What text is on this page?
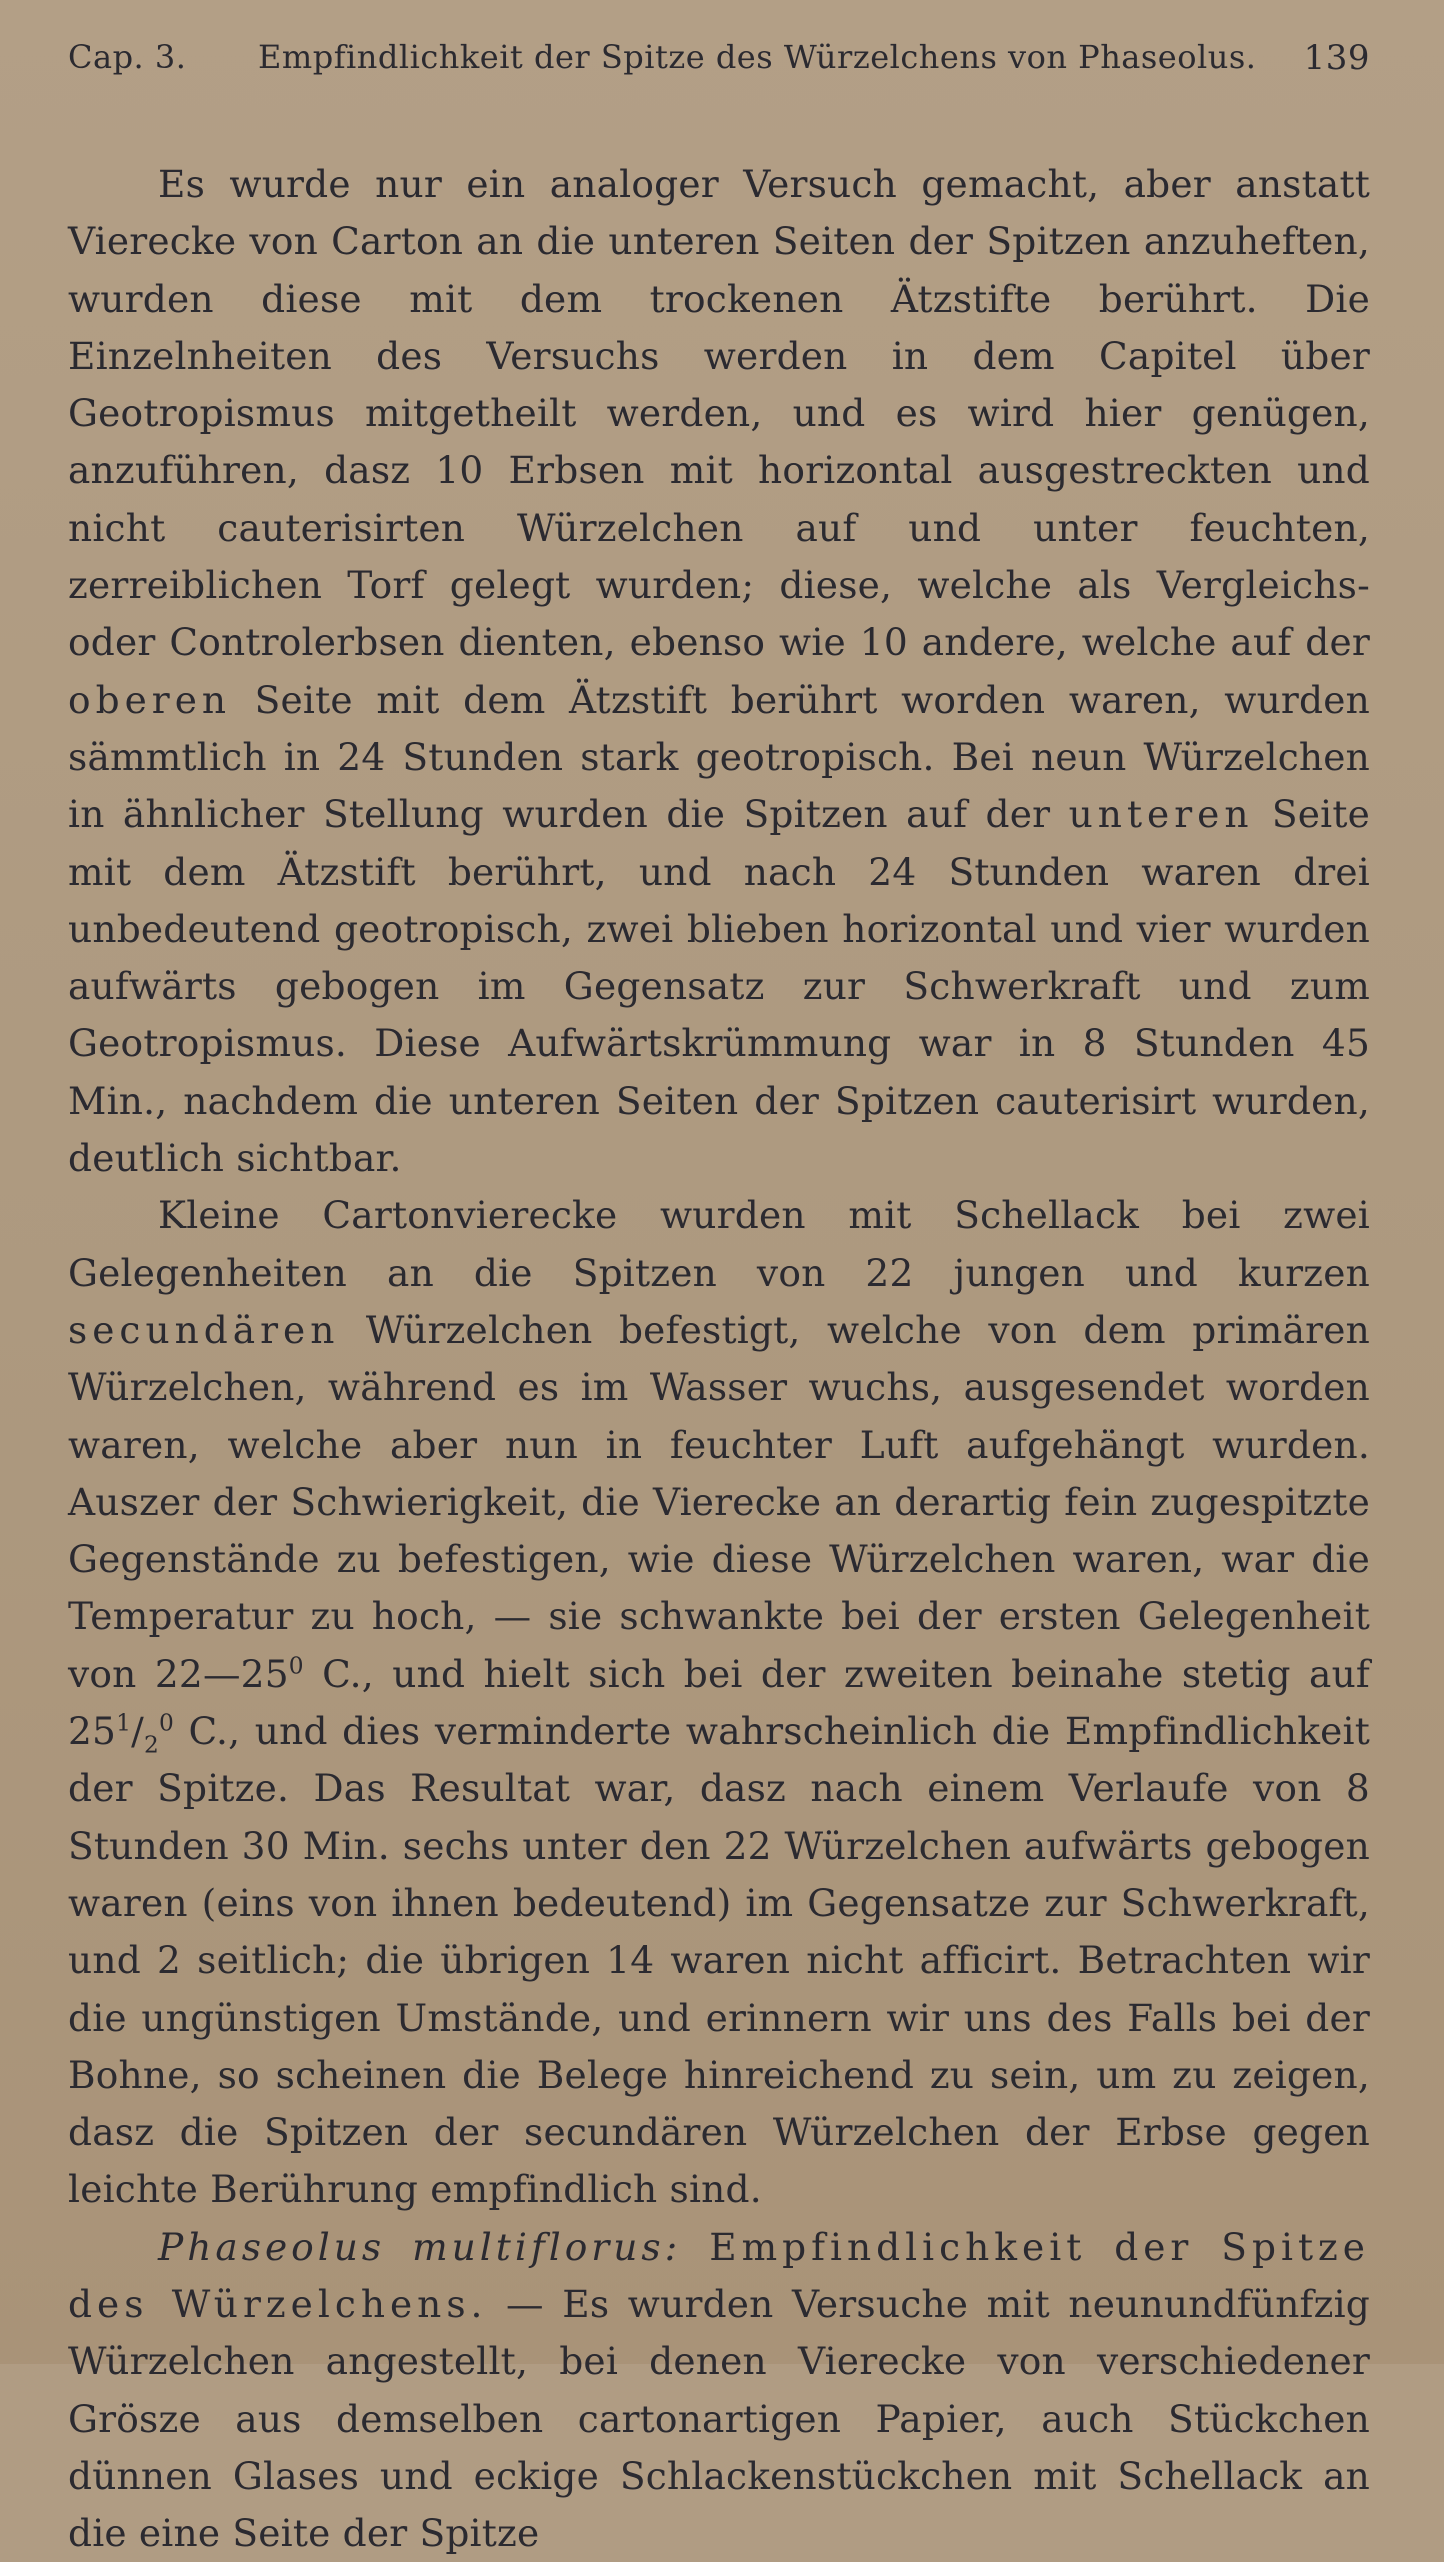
Cap. 3. Empfindlichkeit der Spitze des Würzelchens von Phaseolus. 139

Es wurde nur ein analoger Versuch gemacht, aber anstatt Vierecke von Carton an die unteren Seiten der Spitzen anzuheften, wurden diese mit dem trockenen Ätzstifte berührt. Die Einzelnheiten des Versuchs werden in dem Capitel über Geotropismus mitgetheilt werden, und es wird hier genügen, anzuführen, dasz 10 Erbsen mit horizontal ausgestreckten und nicht cauterisirten Würzelchen auf und unter feuchten, zerreiblichen Torf gelegt wurden; diese, welche als Vergleichs- oder Controlerbsen dienten, ebenso wie 10 andere, welche auf der oberen Seite mit dem Ätzstift berührt worden waren, wurden sämmtlich in 24 Stunden stark geotropisch. Bei neun Würzelchen in ähnlicher Stellung wurden die Spitzen auf der unteren Seite mit dem Ätzstift berührt, und nach 24 Stunden waren drei unbedeutend geotropisch, zwei blieben horizontal und vier wurden aufwärts gebogen im Gegensatz zur Schwerkraft und zum Geotropismus. Diese Aufwärtskrümmung war in 8 Stunden 45 Min., nachdem die unteren Seiten der Spitzen cauterisirt wurden, deutlich sichtbar.

Kleine Cartonvierecke wurden mit Schellack bei zwei Gelegenheiten an die Spitzen von 22 jungen und kurzen secundären Würzelchen befestigt, welche von dem primären Würzelchen, während es im Wasser wuchs, ausgesendet worden waren, welche aber nun in feuchter Luft aufgehängt wurden. Auszer der Schwierigkeit, die Vierecke an derartig fein zugespitzte Gegenstände zu befestigen, wie diese Würzelchen waren, war die Temperatur zu hoch, — sie schwankte bei der ersten Gelegenheit von $22—25^0$ C., und hielt sich bei der zweiten beinahe stetig auf $25^1/_2^0$ C., und dies verminderte wahrscheinlich die Empfindlichkeit der Spitze. Das Resultat war, dasz nach einem Verlaufe von 8 Stunden 30 Min. sechs unter den 22 Würzelchen aufwärts gebogen waren (eins von ihnen bedeutend) im Gegensatze zur Schwerkraft, und 2 seitlich; die übrigen 14 waren nicht afficirt. Betrachten wir die ungünstigen Umstände, und erinnern wir uns des Falls bei der Bohne, so scheinen die Belege hinreichend zu sein, um zu zeigen, dasz die Spitzen der secundären Würzelchen der Erbse gegen leichte Berührung empfindlich sind.

Phaseolus multiflorus: Empfindlichkeit der Spitze des Würzelchens. — Es wurden Versuche mit neunundfünfzig Würzelchen angestellt, bei denen Vierecke von verschiedener Grösze aus demselben cartonartigen Papier, auch Stückchen dünnen Glases und eckige Schlackenstückchen mit Schellack an die eine Seite der Spitze
